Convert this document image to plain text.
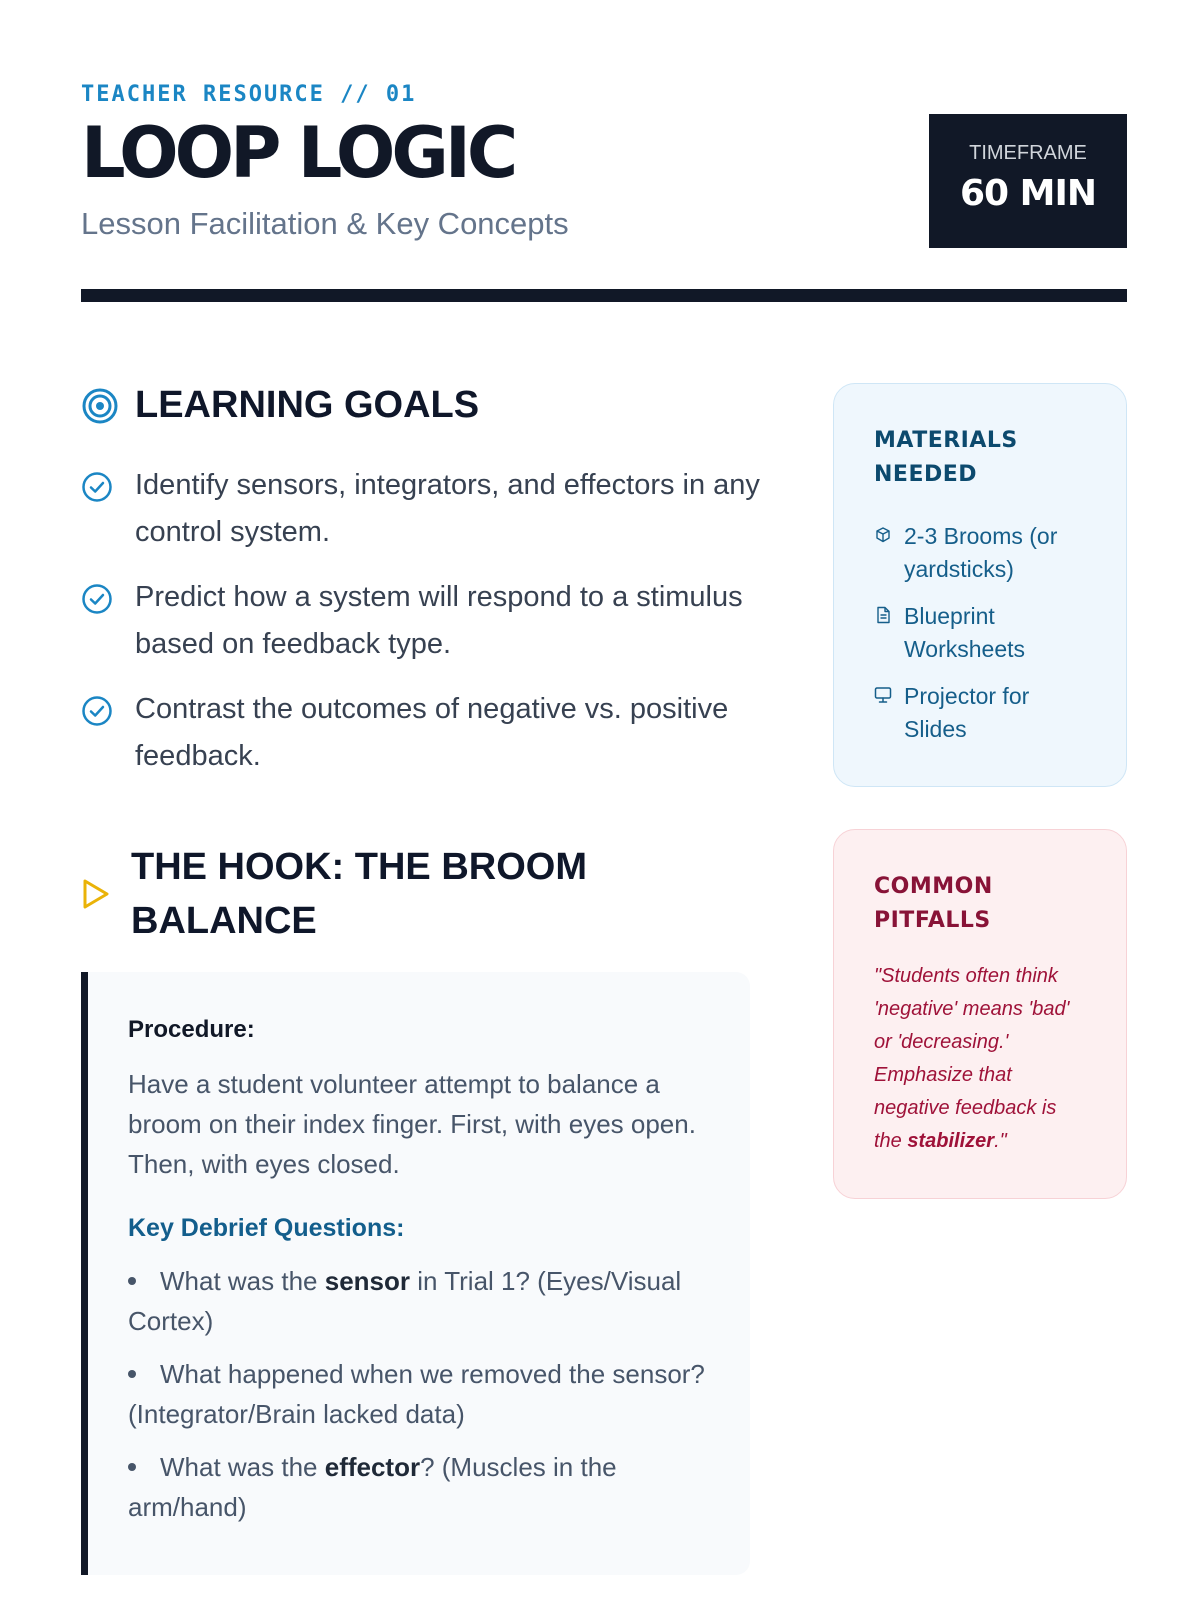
TEACHER RESOURCE // 01
LOOP LOGIC
Lesson Facilitation & Key Concepts
TIMEFRAME
60 MIN
LEARNING GOALS
Identify sensors, integrators, and effectors in any control system.
Predict how a system will respond to a stimulus based on feedback type.
Contrast the outcomes of negative vs. positive feedback.
THE HOOK: THE BROOM BALANCE
Procedure:
Have a student volunteer attempt to balance a broom on their index finger. First, with eyes open. Then, with eyes closed.
Key Debrief Questions:
What was the sensor in Trial 1? (Eyes/Visual Cortex)
What happened when we removed the sensor? (Integrator/Brain lacked data)
What was the effector? (Muscles in the arm/hand)
MATERIALS NEEDED
2-3 Brooms (or yardsticks)
Blueprint Worksheets
Projector for Slides
COMMON PITFALLS

"Students often think 'negative' means 'bad' or 'decreasing.' Emphasize that negative feedback is the stabilizer."
